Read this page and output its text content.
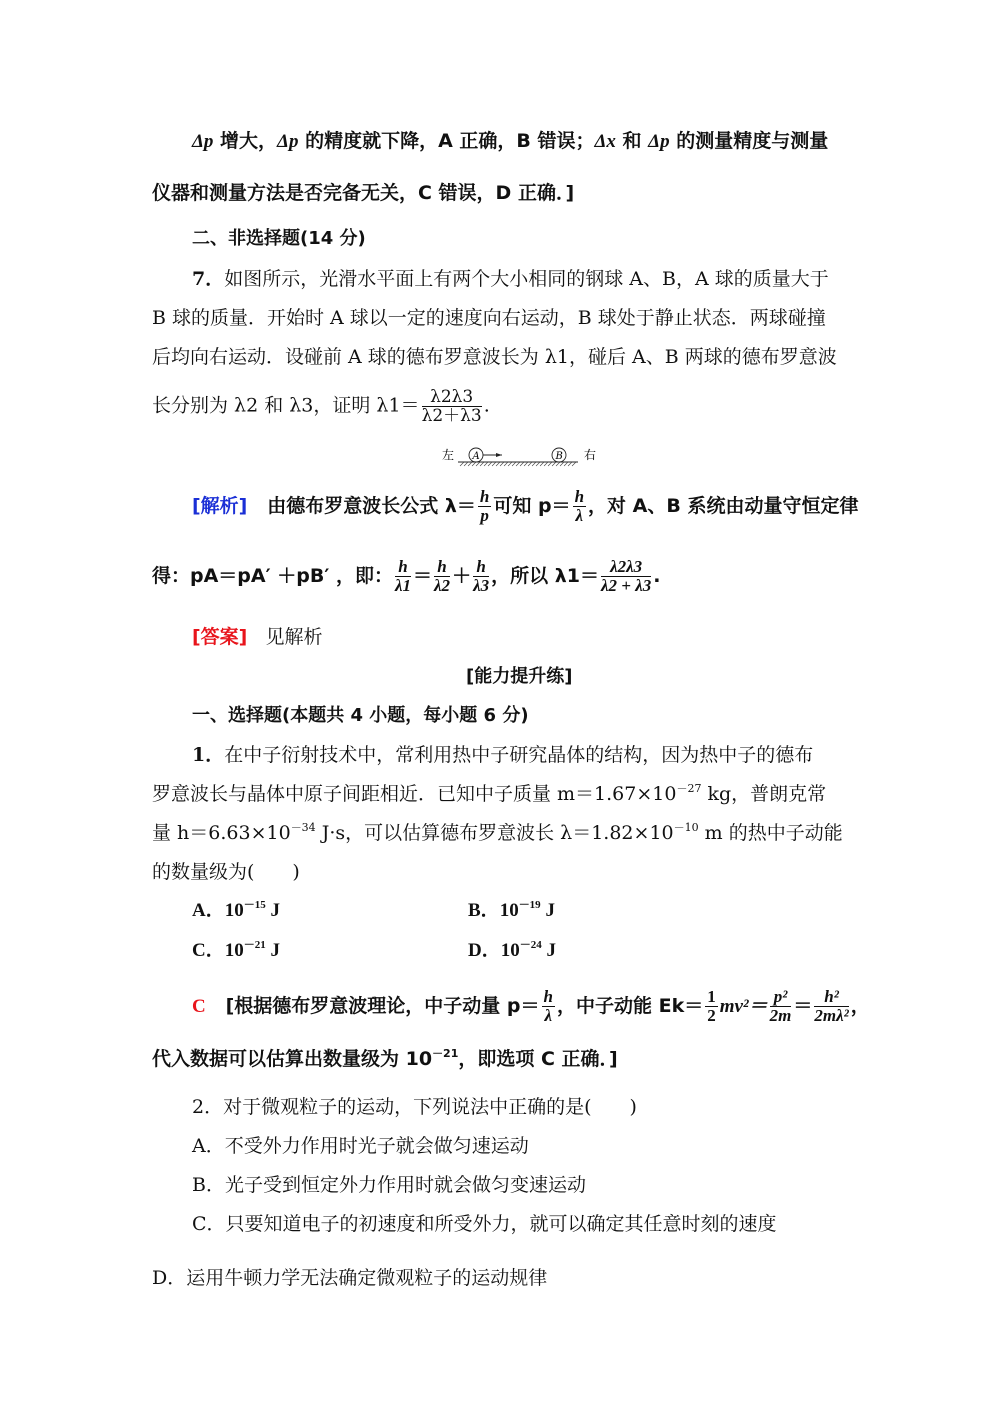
Δp 增大，Δp 的精度就下降，A 正确，B 错误；Δx 和 Δp 的测量精度与测量
仪器和测量方法是否完备无关，C 错误，D 正确．]
二、非选择题(14 分)
7．如图所示，光滑水平面上有两个大小相同的钢球 A、B，A 球的质量大于
B 球的质量．开始时 A 球以一定的速度向右运动，B 球处于静止状态．两球碰撞
后均向右运动．设碰前 A 球的德布罗意波长为 λ1，碰后 A、B 两球的德布罗意波
长分别为 λ2 和 λ3，证明 $\lambda 1= \frac{\lambda 2\lambda 3}{\lambda 2+\lambda 3}$ .
左 A	B 右
[解析] 由德布罗意波长公式 $\lambda= \frac{h}{p}$ 可知 $p= \frac{h}{\lambda}$ ，对 A、B 系统由动量守恒定律
得：pA＝pA′ ＋pB′ ，即： $\frac{h}{\lambda 1} = \frac{h}{\lambda 2} + \frac{h}{\lambda 3}$ ，所以 $\lambda 1= \frac{\lambda 2\lambda 3}{\lambda 2 + \lambda 3}$ .
[答案] 见解析
[能力提升练]
一、选择题(本题共 4 小题，每小题 6 分)
1．在中子衍射技术中，常利用热中子研究晶体的结构，因为热中子的德布
罗意波长与晶体中原子间距相近．已知中子质量 $m=1.67\times 10^{-27}$ kg，普朗克常
量 $h=6.63\times 10^{-34}$ J·s，可以估算德布罗意波长 $\lambda=1.82\times 10^{-10}$ m 的热中子动能
的数量级为(　　)
A．$10^{-15}$ J	B．$10^{-19}$ J
C．$10^{-21}$ J	D．$10^{-24}$ J
C [根据德布罗意波理论，中子动量 $p= \frac{h}{\lambda}$ ，中子动能 $Ek= \frac{1}{2} mv^2= \frac{\text{p²}}{2m} = \frac{\text{h²}}{\text{2mλ²}}$ ，
代入数据可以估算出数量级为 $10^{-21}$，即选项 C 正确．]
2．对于微观粒子的运动，下列说法中正确的是(　　)
A．不受外力作用时光子就会做匀速运动
B．光子受到恒定外力作用时就会做匀变速运动
C．只要知道电子的初速度和所受外力，就可以确定其任意时刻的速度
D．运用牛顿力学无法确定微观粒子的运动规律
